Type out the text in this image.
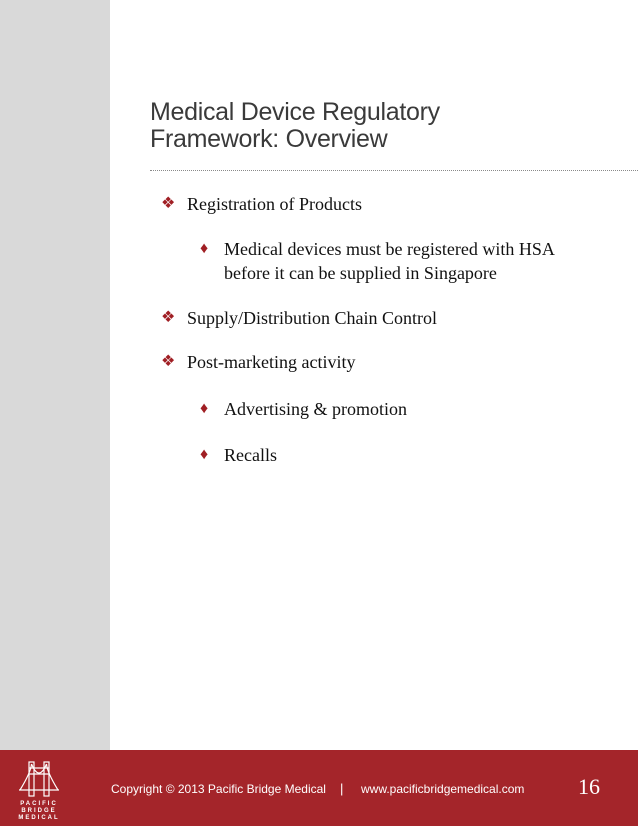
Medical Device Regulatory
Framework: Overview
❖ Registration of Products
♦ Medical devices must be registered with HSA before it can be supplied in Singapore
❖ Supply/Distribution Chain Control
❖ Post-marketing activity
♦ Advertising & promotion
♦ Recalls
PACIFIC
BRIDGE
MEDICAL
Copyright © 2013 Pacific Bridge Medical | www.pacificbridgemedical.com 16
